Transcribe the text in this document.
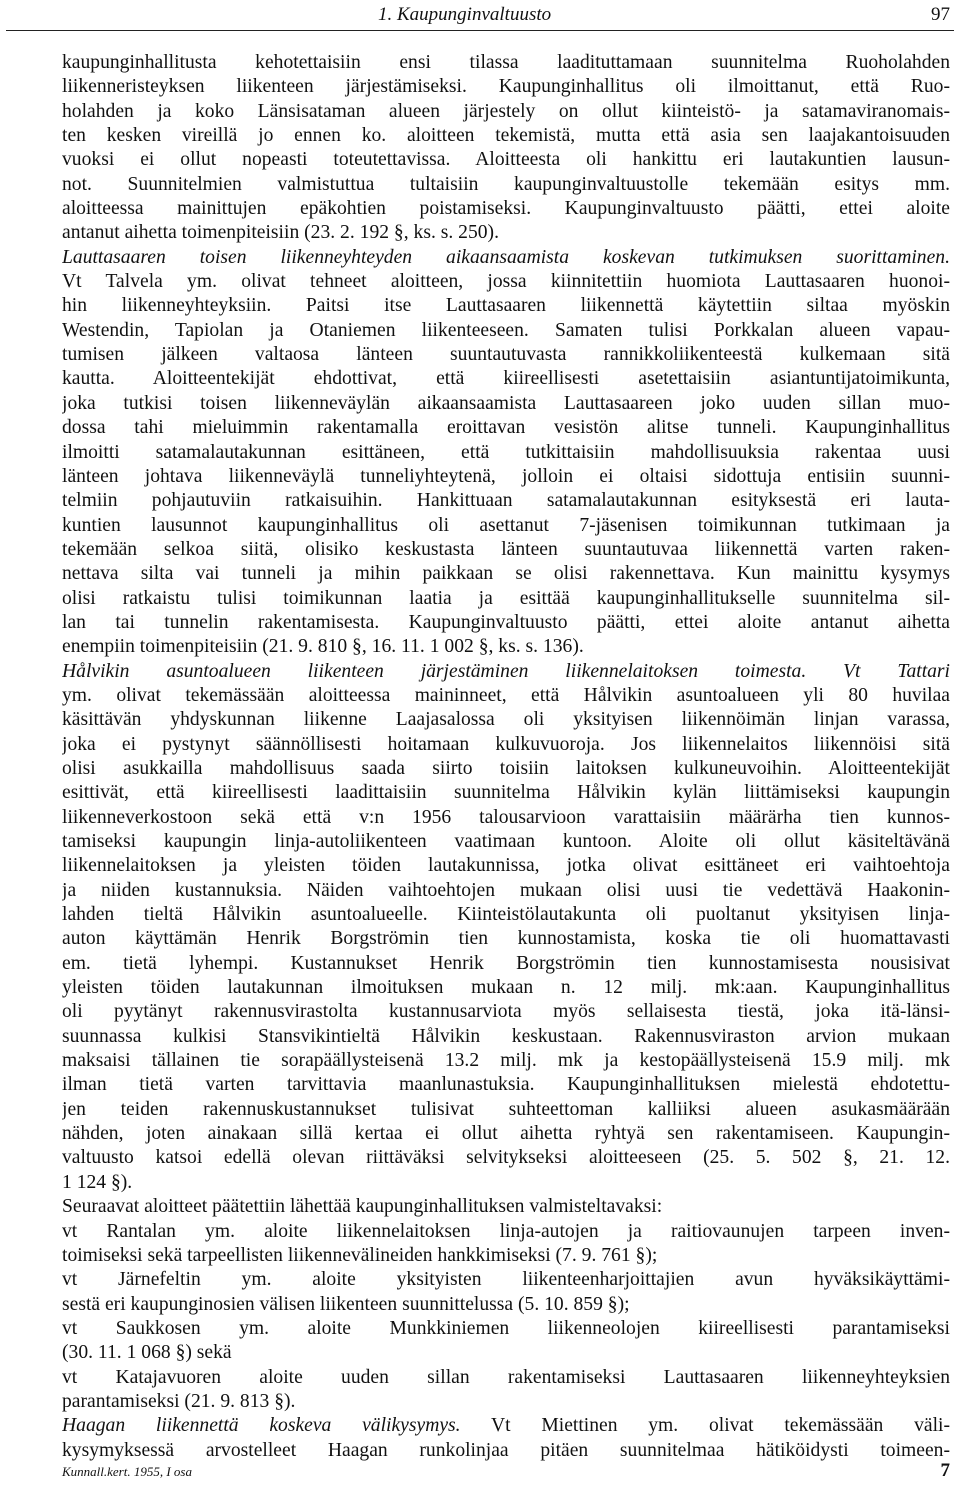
1. Kaupunginvaltuusto	97
kaupunginhallitusta kehotettaisiin ensi tilassa laadituttamaan suunnitelma Ruoholahden
liikenneristeyksen liikenteen järjestämiseksi. Kaupunginhallitus oli ilmoittanut, että Ruo-
holahden ja koko Länsisataman alueen järjestely on ollut kiinteistö- ja satamaviranomais-
ten kesken vireillä jo ennen ko. aloitteen tekemistä, mutta että asia sen laajakantoisuuden
vuoksi ei ollut nopeasti toteutettavissa. Aloitteesta oli hankittu eri lautakuntien lausun-
not. Suunnitelmien valmistuttua tultaisiin kaupunginvaltuustolle tekemään esitys mm.
aloitteessa mainittujen epäkohtien poistamiseksi. Kaupunginvaltuusto päätti, ettei aloite
antanut aihetta toimenpiteisiin (23. 2. 192 §, ks. s. 250).
Lauttasaaren toisen liikenneyhteyden aikaansaamista koskevan tutkimuksen suorittaminen.
Vt Talvela ym. olivat tehneet aloitteen, jossa kiinnitettiin huomiota Lauttasaaren huonoi-
hin liikenneyhteyksiin. Paitsi itse Lauttasaaren liikennettä käytettiin siltaa myöskin
Westendin, Tapiolan ja Otaniemen liikenteeseen. Samaten tulisi Porkkalan alueen vapau-
tumisen jälkeen valtaosa länteen suuntautuvasta rannikkoliikenteestä kulkemaan sitä
kautta. Aloitteentekijät ehdottivat, että kiireellisesti asetettaisiin asiantuntijatoimikunta,
joka tutkisi toisen liikenneväylän aikaansaamista Lauttasaareen joko uuden sillan muo-
dossa tahi mieluimmin rakentamalla eroittavan vesistön alitse tunneli. Kaupunginhallitus
ilmoitti satamalautakunnan esittäneen, että tutkittaisiin mahdollisuuksia rakentaa uusi
länteen johtava liikenneväylä tunneliyhteytenä, jolloin ei oltaisi sidottuja entisiin suunni-
telmiin pohjautuviin ratkaisuihin. Hankittuaan satamalautakunnan esityksestä eri lauta-
kuntien lausunnot kaupunginhallitus oli asettanut 7-jäsenisen toimikunnan tutkimaan ja
tekemään selkoa siitä, olisiko keskustasta länteen suuntautuvaa liikennettä varten raken-
nettava silta vai tunneli ja mihin paikkaan se olisi rakennettava. Kun mainittu kysymys
olisi ratkaistu tulisi toimikunnan laatia ja esittää kaupunginhallitukselle suunnitelma sil-
lan tai tunnelin rakentamisesta. Kaupunginvaltuusto päätti, ettei aloite antanut aihetta
enempiin toimenpiteisiin (21. 9. 810 §, 16. 11. 1 002 §, ks. s. 136).
Hålvikin asuntoalueen liikenteen järjestäminen liikennelaitoksen toimesta. Vt Tattari
ym. olivat tekemässään aloitteessa maininneet, että Hålvikin asuntoalueen yli 80 huvilaa
käsittävän yhdyskunnan liikenne Laajasalossa oli yksityisen liikennöimän linjan varassa,
joka ei pystynyt säännöllisesti hoitamaan kulkuvuoroja. Jos liikennelaitos liikennöisi sitä
olisi asukkailla mahdollisuus saada siirto toisiin laitoksen kulkuneuvoihin. Aloitteentekijät
esittivät, että kiireellisesti laadittaisiin suunnitelma Hålvikin kylän liittämiseksi kaupungin
liikenneverkostoon sekä että v:n 1956 talousarvioon varattaisiin määrärha tien kunnos-
tamiseksi kaupungin linja-autoliikenteen vaatimaan kuntoon. Aloite oli ollut käsiteltävänä
liikennelaitoksen ja yleisten töiden lautakunnissa, jotka olivat esittäneet eri vaihtoehtoja
ja niiden kustannuksia. Näiden vaihtoehtojen mukaan olisi uusi tie vedettävä Haakonin-
lahden tieltä Hålvikin asuntoalueelle. Kiinteistölautakunta oli puoltanut yksityisen linja-
auton käyttämän Henrik Borgströmin tien kunnostamista, koska tie oli huomattavasti
em. tietä lyhempi. Kustannukset Henrik Borgströmin tien kunnostamisesta nousisivat
yleisten töiden lautakunnan ilmoituksen mukaan n. 12 milj. mk:aan. Kaupunginhallitus
oli pyytänyt rakennusvirastolta kustannusarviota myös sellaisesta tiestä, joka itä-länsi-
suunnassa kulkisi Stansvikintieltä Hålvikin keskustaan. Rakennusviraston arvion mukaan
maksaisi tällainen tie sorapäällysteisenä 13.2 milj. mk ja kestopäällysteisenä 15.9 milj. mk
ilman tietä varten tarvittavia maanlunastuksia. Kaupunginhallituksen mielestä ehdotettu-
jen teiden rakennuskustannukset tulisivat suhteettoman kalliiksi alueen asukasmäärään
nähden, joten ainakaan sillä kertaa ei ollut aihetta ryhtyä sen rakentamiseen. Kaupungin-
valtuusto katsoi edellä olevan riittäväksi selvitykseksi aloitteeseen (25. 5. 502 §, 21. 12.
1 124 §).
Seuraavat aloitteet päätettiin lähettää kaupunginhallituksen valmisteltavaksi:
vt Rantalan ym. aloite liikennelaitoksen linja-autojen ja raitiovaunujen tarpeen inven-
toimiseksi sekä tarpeellisten liikennevälineiden hankkimiseksi (7. 9. 761 §);
vt Järnefeltin ym. aloite yksityisten liikenteenharjoittajien avun hyväksikäyttämi-
sestä eri kaupunginosien välisen liikenteen suunnittelussa (5. 10. 859 §);
vt Saukkosen ym. aloite Munkkiniemen liikenneolojen kiireellisesti parantamiseksi
(30. 11. 1 068 §) sekä
vt Katajavuoren aloite uuden sillan rakentamiseksi Lauttasaaren liikenneyhteyksien
parantamiseksi (21. 9. 813 §).
Haagan liikennettä koskeva välikysymys. Vt Miettinen ym. olivat tekemässään väli-
kysymyksessä arvostelleet Haagan runkolinjaa pitäen suunnitelmaa hätiköidysti toimeen-
Kunnall.kert. 1955, I osa	7
